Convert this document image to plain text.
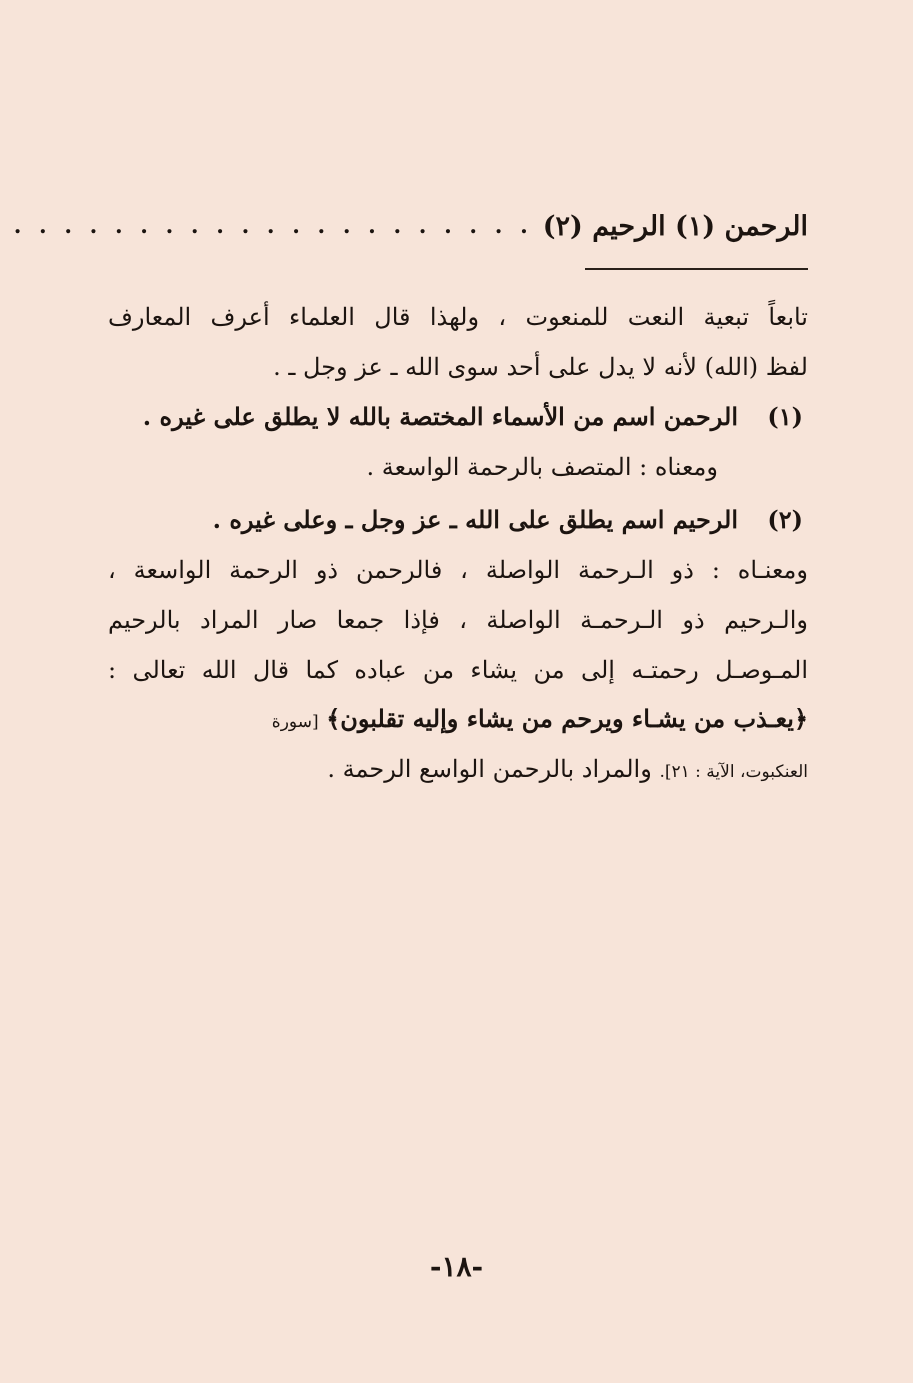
الرحمن (١) الرحيم (٢)
. . . . . . . . . . . . . . . . . . . . .
تابعاً تبعية النعت للمنعوت ، ولهذا قال العلماء أعرف المعارف
لفظ (الله) لأنه لا يدل على أحد سوى الله ـ عز وجل ـ .
(١)
الرحمن اسم من الأسماء المختصة بالله لا يطلق على غيره .
ومعناه : المتصف بالرحمة الواسعة .
(٢)
الرحيم اسم يطلق على الله ـ عز وجل ـ وعلى غيره .
ومعنـاه : ذو الـرحمة الواصلة ، فالرحمن ذو الرحمة الواسعة ،
والـرحيم ذو الـرحمـة الواصلة ، فإذا جمعا صار المراد بالرحيم
المـوصـل رحمتـه إلى من يشاء من عباده كما قال الله تعالى :
﴿يعـذب من يشـاء ويرحم من يشاء وإليه تقلبون﴾ [سورة
العنكبوت، الآية : ٢١]. والمراد بالرحمن الواسع الرحمة .
-١٨-
